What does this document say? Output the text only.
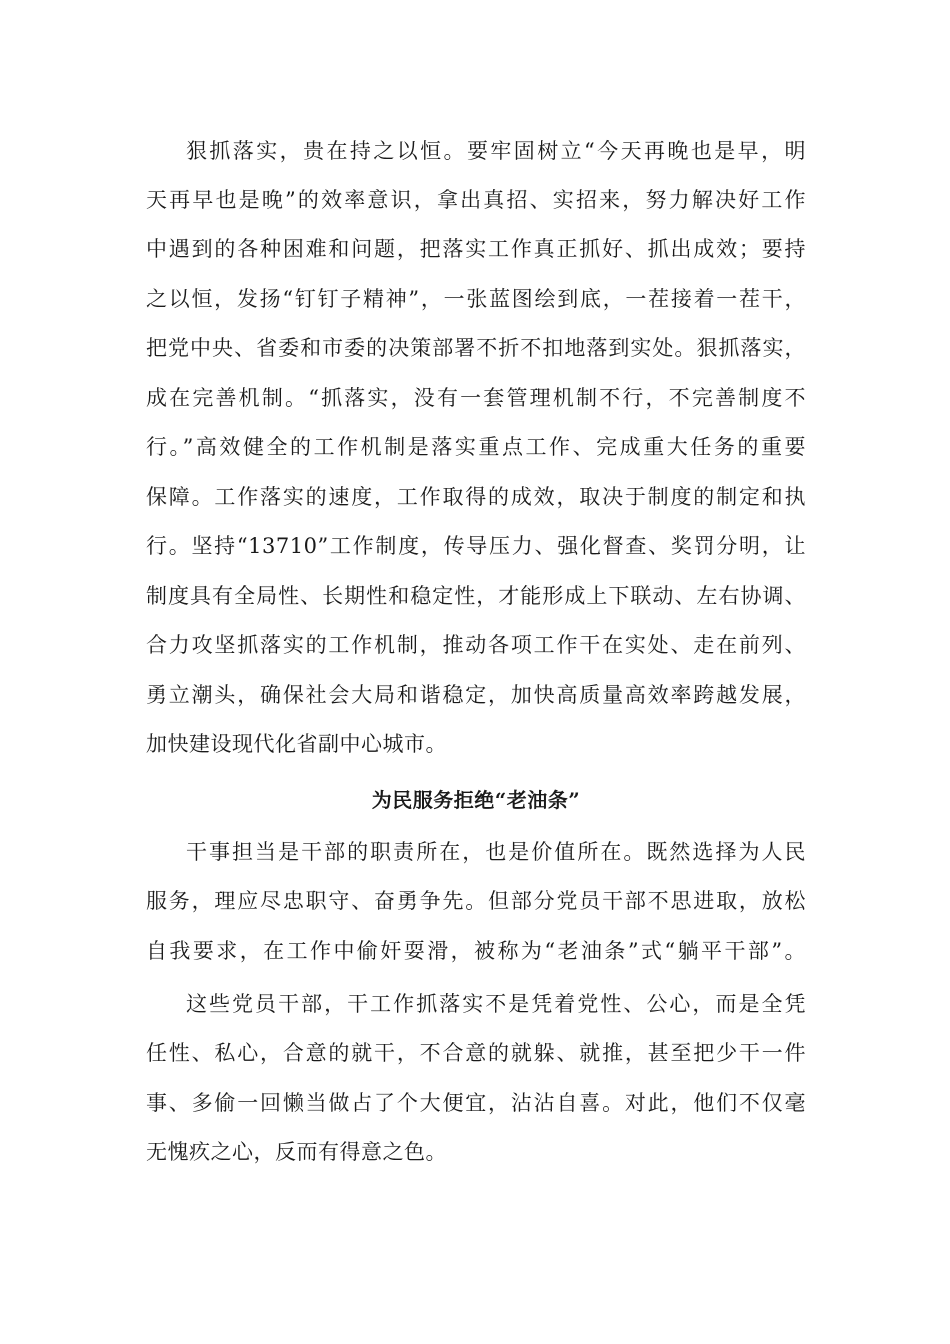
狠抓落实，贵在持之以恒。要牢固树立“今天再晚也是早，明
天再早也是晚”的效率意识，拿出真招、实招来，努力解决好工作
中遇到的各种困难和问题，把落实工作真正抓好、抓出成效；要持
之以恒，发扬“钉钉子精神”，一张蓝图绘到底，一茬接着一茬干，
把党中央、省委和市委的决策部署不折不扣地落到实处。狠抓落实，
成在完善机制。“抓落实，没有一套管理机制不行，不完善制度不
行。”高效健全的工作机制是落实重点工作、完成重大任务的重要
保障。工作落实的速度，工作取得的成效，取决于制度的制定和执
行。坚持“13710”工作制度，传导压力、强化督查、奖罚分明，让
制度具有全局性、长期性和稳定性，才能形成上下联动、左右协调、
合力攻坚抓落实的工作机制，推动各项工作干在实处、走在前列、
勇立潮头，确保社会大局和谐稳定，加快高质量高效率跨越发展，
加快建设现代化省副中心城市。
为民服务拒绝“老油条”
干事担当是干部的职责所在，也是价值所在。既然选择为人民
服务，理应尽忠职守、奋勇争先。但部分党员干部不思进取，放松
自我要求，在工作中偷奸耍滑，被称为“老油条”式“躺平干部”。
这些党员干部，干工作抓落实不是凭着党性、公心，而是全凭
任性、私心，合意的就干，不合意的就躲、就推，甚至把少干一件
事、多偷一回懒当做占了个大便宜，沾沾自喜。对此，他们不仅毫
无愧疚之心，反而有得意之色。
